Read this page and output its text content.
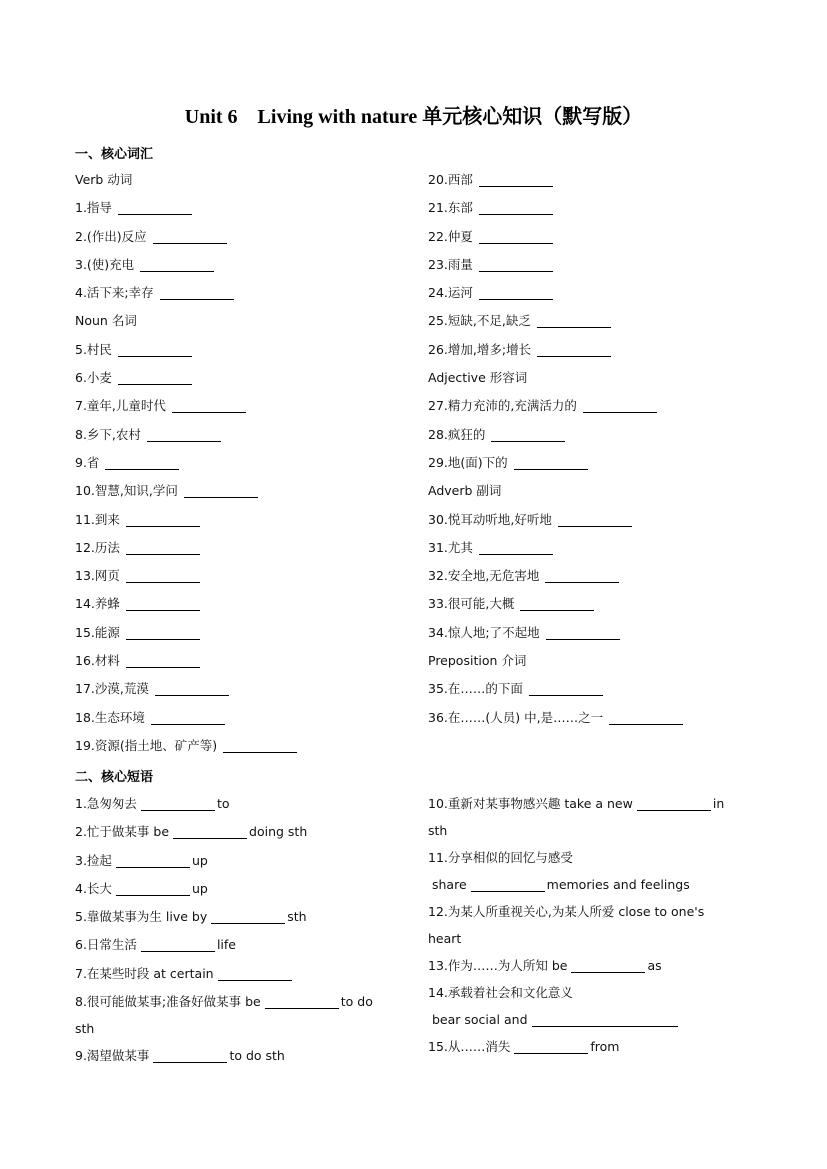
Unit 6    Living with nature 单元核心知识（默写版）
一、核心词汇
Verb 动词
1.指导
2.(作出)反应
3.(使)充电
4.活下来;幸存
Noun 名词
5.村民
6.小麦
7.童年,儿童时代
8.乡下,农村
9.省
10.智慧,知识,学问
11.到来
12.历法
13.网页
14.养蜂
15.能源
16.材料
17.沙漠,荒漠
18.生态环境
19.资源(指土地、矿产等)
20.西部
21.东部
22.仲夏
23.雨量
24.运河
25.短缺,不足,缺乏
26.增加,增多;增长
Adjective 形容词
27.精力充沛的,充满活力的
28.疯狂的
29.地(面)下的
Adverb 副词
30.悦耳动听地,好听地
31.尤其
32.安全地,无危害地
33.很可能,大概
34.惊人地;了不起地
Preposition 介词
35.在……的下面
36.在……(人员) 中,是……之一
二、核心短语
1.急匆匆去	to
2.忙于做某事 be	doing sth
3.捡起	up
4.长大	up
5.靠做某事为生 live by	sth
6.日常生活	life
7.在某些时段 at certain
8.很可能做某事;准备好做某事 be	to do
sth
9.渴望做某事	to do sth
10.重新对某事物感兴趣 take a new	in
sth
11.分享相似的回忆与感受
share	memories and feelings
12.为某人所重视关心,为某人所爱 close to one's
heart
13.作为……为人所知 be	as
14.承载着社会和文化意义
bear social and
15.从……消失	from
